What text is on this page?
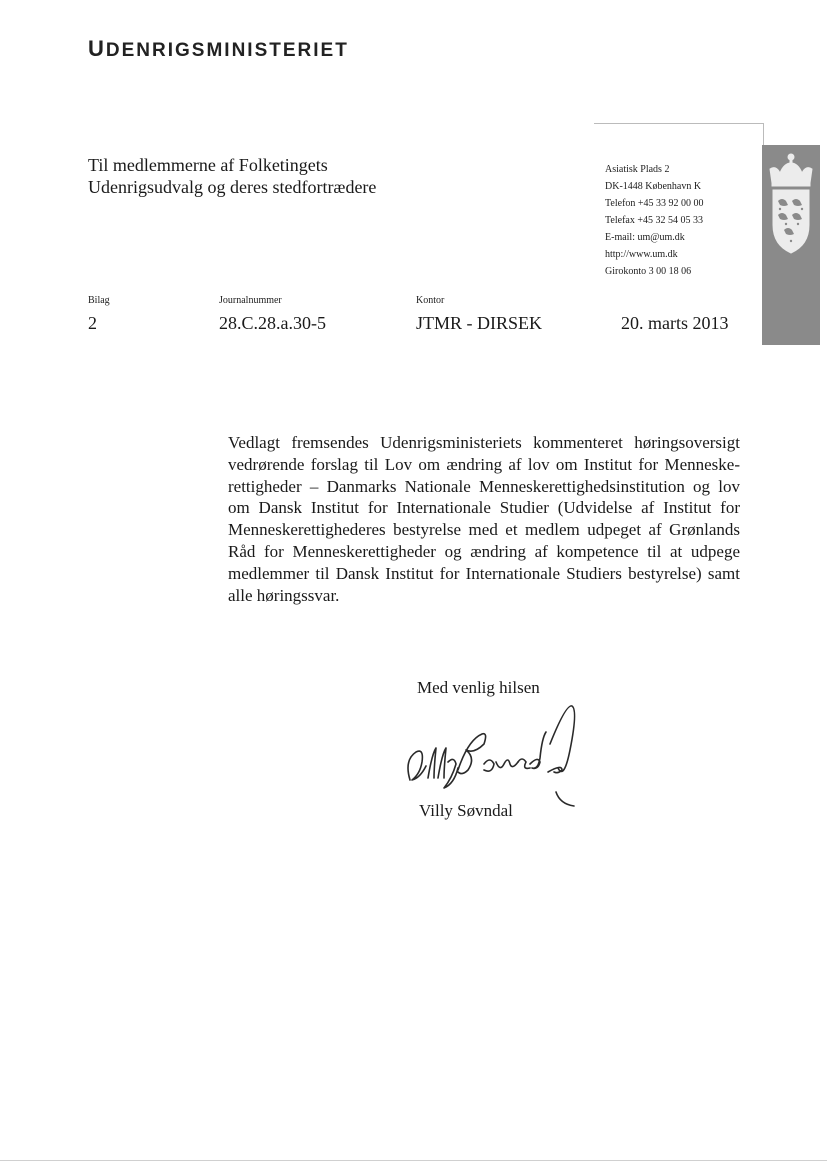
UDENRIGSMINISTERIET
Til medlemmerne af Folketingets
Udenrigsudvalg og deres stedfortrædere
Asiatisk Plads 2
DK-1448 København K
Telefon +45 33 92 00 00
Telefax +45 32 54 05 33
E-mail: um@um.dk
http://www.um.dk
Girokonto 3 00 18 06
Bilag
2
Journalnummer
28.C.28.a.30-5
Kontor
JTMR - DIRSEK	20. marts 2013
Vedlagt fremsendes Udenrigsministeriets kommenteret høringsoversigt vedrørende forslag til Lov om ændring af lov om Institut for Menneske-rettigheder – Danmarks Nationale Menneskerettighedsinstitution og lov om Dansk Institut for Internationale Studier (Udvidelse af Institut for Menneskerettighederes bestyrelse med et medlem udpeget af Grønlands Råd for Menneskerettigheder og ændring af kompetence til at udpege medlemmer til Dansk Institut for Internationale Studiers bestyrelse) samt alle høringssvar.
Med venlig hilsen
Villy Søvndal
